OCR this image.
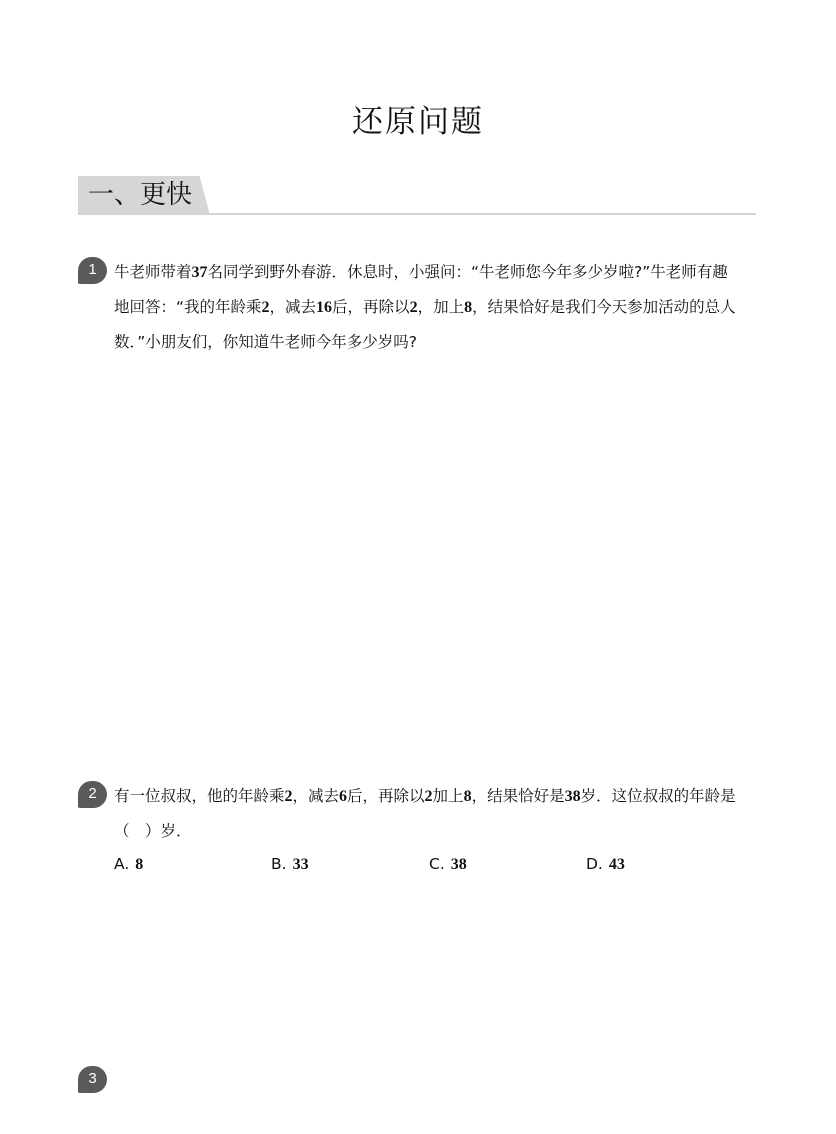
还原问题
一、更快
1	牛老师带着37名同学到野外春游．休息时，小强问：“牛老师您今年多少岁啦?”牛老师有趣地回答：“我的年龄乘2，减去16后，再除以2，加上8，结果恰好是我们今天参加活动的总人数．”小朋友们，你知道牛老师今年多少岁吗?
2	有一位叔叔，他的年龄乘2，减去6后，再除以2加上8，结果恰好是38岁．这位叔叔的年龄是（　）岁．
A. 8	B. 33	C. 38	D. 43
3
